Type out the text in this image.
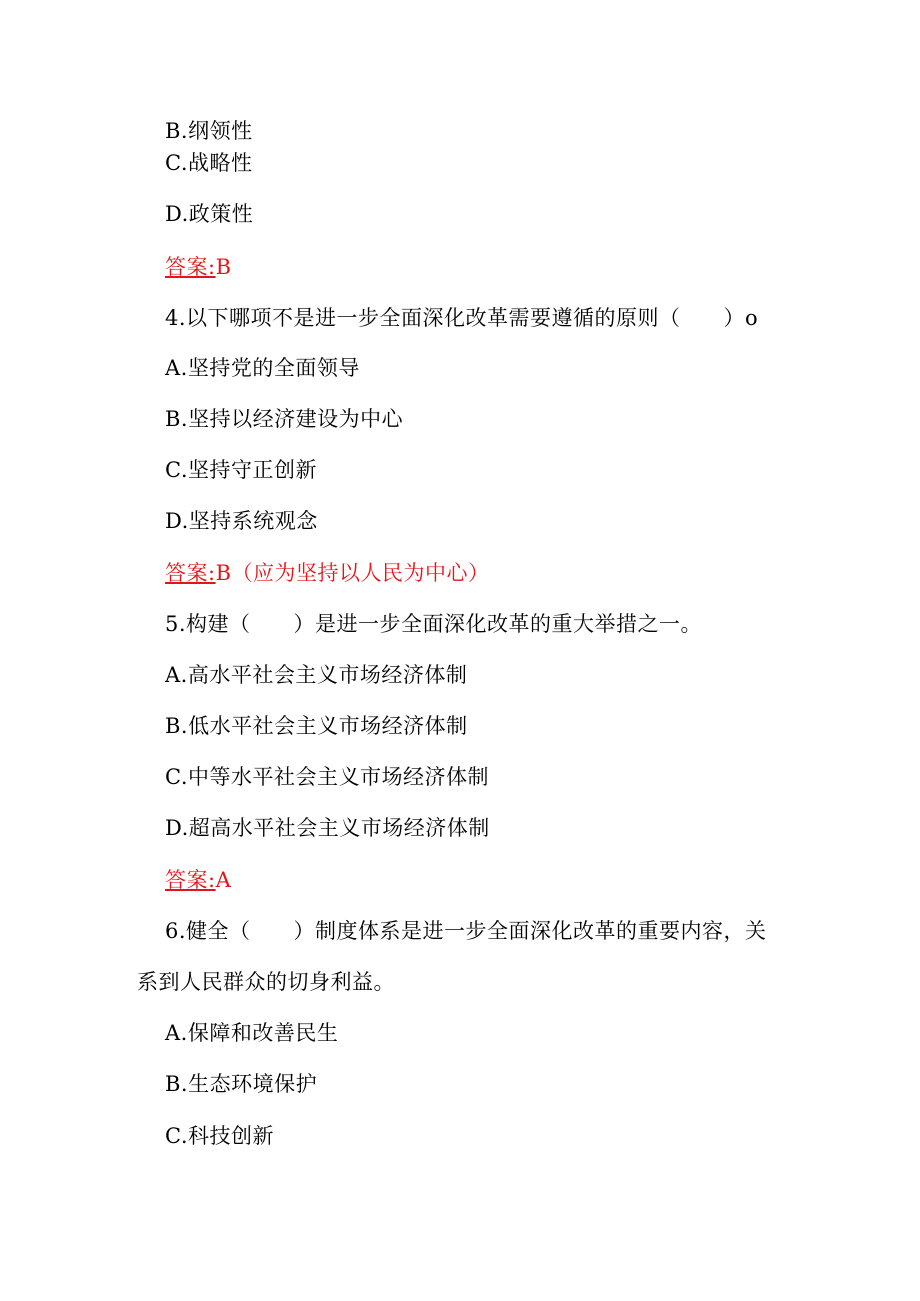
B.纲领性
C.战略性
D.政策性
答案:B
4.以下哪项不是进一步全面深化改革需要遵循的原则（　　）o
A.坚持党的全面领导
B.坚持以经济建设为中心
C.坚持守正创新
D.坚持系统观念
答案:B（应为坚持以人民为中心）
5.构建（　　）是进一步全面深化改革的重大举措之一。
A.高水平社会主义市场经济体制
B.低水平社会主义市场经济体制
C.中等水平社会主义市场经济体制
D.超高水平社会主义市场经济体制
答案:A
6.健全（　　）制度体系是进一步全面深化改革的重要内容，关
系到人民群众的切身利益。
A.保障和改善民生
B.生态环境保护
C.科技创新
